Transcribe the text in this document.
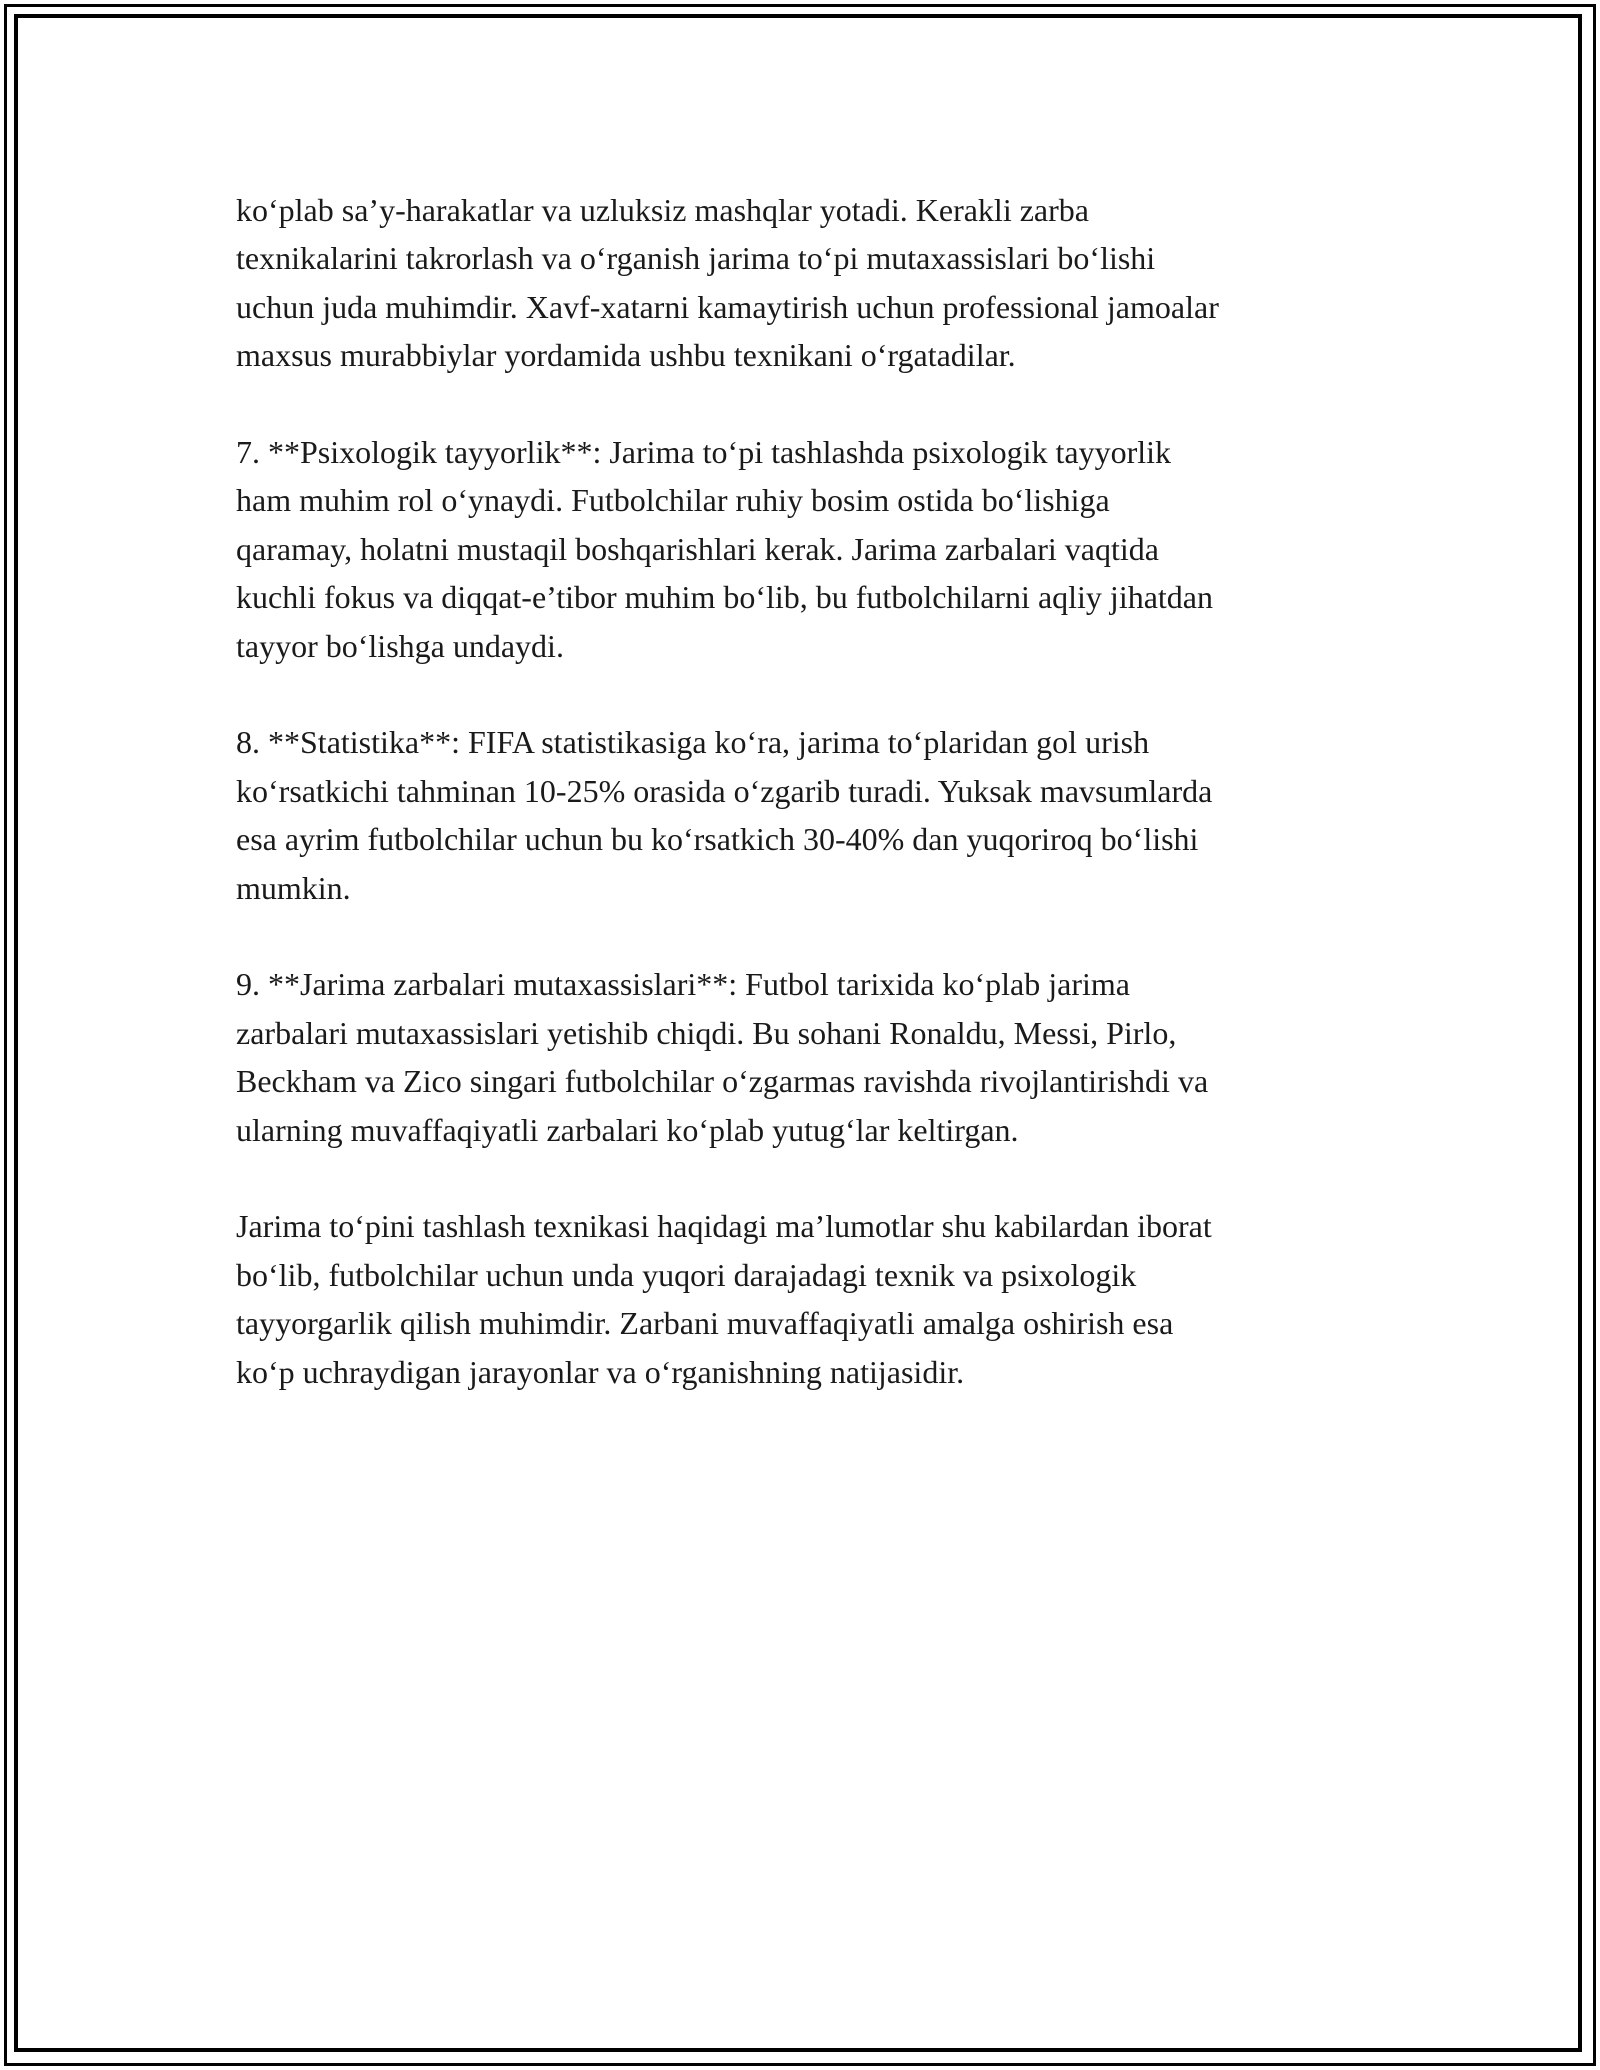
ko‘plab sa’y-harakatlar va uzluksiz mashqlar yotadi. Kerakli zarba
texnikalarini takrorlash va o‘rganish jarima to‘pi mutaxassislari bo‘lishi
uchun juda muhimdir. Xavf-xatarni kamaytirish uchun professional jamoalar
maxsus murabbiylar yordamida ushbu texnikani o‘rgatadilar.

7. **Psixologik tayyorlik**: Jarima to‘pi tashlashda psixologik tayyorlik
ham muhim rol o‘ynaydi. Futbolchilar ruhiy bosim ostida bo‘lishiga
qaramay, holatni mustaqil boshqarishlari kerak. Jarima zarbalari vaqtida
kuchli fokus va diqqat-e’tibor muhim bo‘lib, bu futbolchilarni aqliy jihatdan
tayyor bo‘lishga undaydi.

8. **Statistika**: FIFA statistikasiga ko‘ra, jarima to‘plaridan gol urish
ko‘rsatkichi tahminan 10-25% orasida o‘zgarib turadi. Yuksak mavsumlarda
esa ayrim futbolchilar uchun bu ko‘rsatkich 30-40% dan yuqoriroq bo‘lishi
mumkin.

9. **Jarima zarbalari mutaxassislari**: Futbol tarixida ko‘plab jarima
zarbalari mutaxassislari yetishib chiqdi. Bu sohani Ronaldu, Messi, Pirlo,
Beckham va Zico singari futbolchilar o‘zgarmas ravishda rivojlantirishdi va
ularning muvaffaqiyatli zarbalari ko‘plab yutug‘lar keltirgan.

Jarima to‘pini tashlash texnikasi haqidagi ma’lumotlar shu kabilardan iborat
bo‘lib, futbolchilar uchun unda yuqori darajadagi texnik va psixologik
tayyorgarlik qilish muhimdir. Zarbani muvaffaqiyatli amalga oshirish esa
ko‘p uchraydigan jarayonlar va o‘rganishning natijasidir.
